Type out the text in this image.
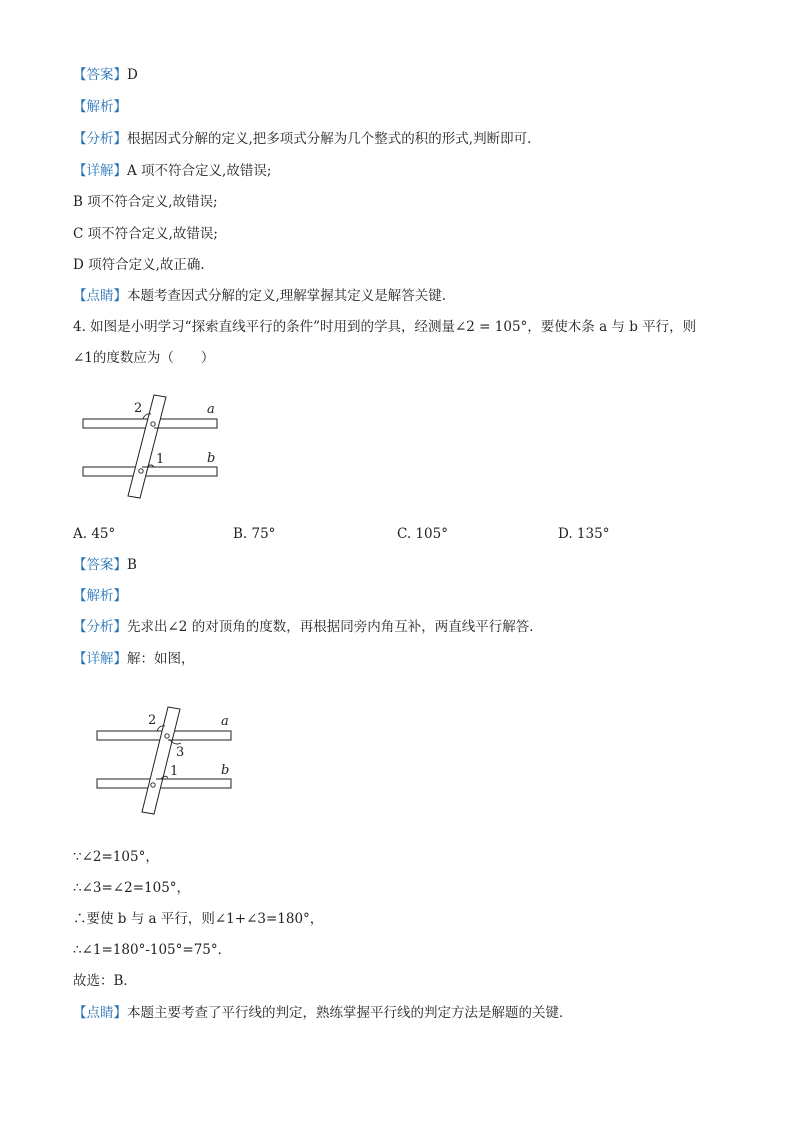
【答案】D
【解析】
【分析】根据因式分解的定义,把多项式分解为几个整式的积的形式,判断即可.
【详解】A 项不符合定义,故错误;
B 项不符合定义,故错误;
C 项不符合定义,故错误;
D 项符合定义,故正确.
【点睛】本题考查因式分解的定义,理解掌握其定义是解答关键.
4. 如图是小明学习“探索直线平行的条件”时用到的学具，经测量∠2 = 105°，要使木条 a 与 b 平行，则
∠1的度数应为（　　）
2
1
a
b
A. 45°	B. 75°	C. 105°	D. 135°
【答案】B
【解析】
【分析】先求出∠2 的对顶角的度数，再根据同旁内角互补，两直线平行解答．
【详解】解：如图，
2
3
1
a
b
∵∠2=105°，
∴∠3=∠2=105°，
∴要使 b 与 a 平行，则∠1+∠3=180°，
∴∠1=180°-105°=75°．
故选：B．
【点睛】本题主要考查了平行线的判定，熟练掌握平行线的判定方法是解题的关键．
